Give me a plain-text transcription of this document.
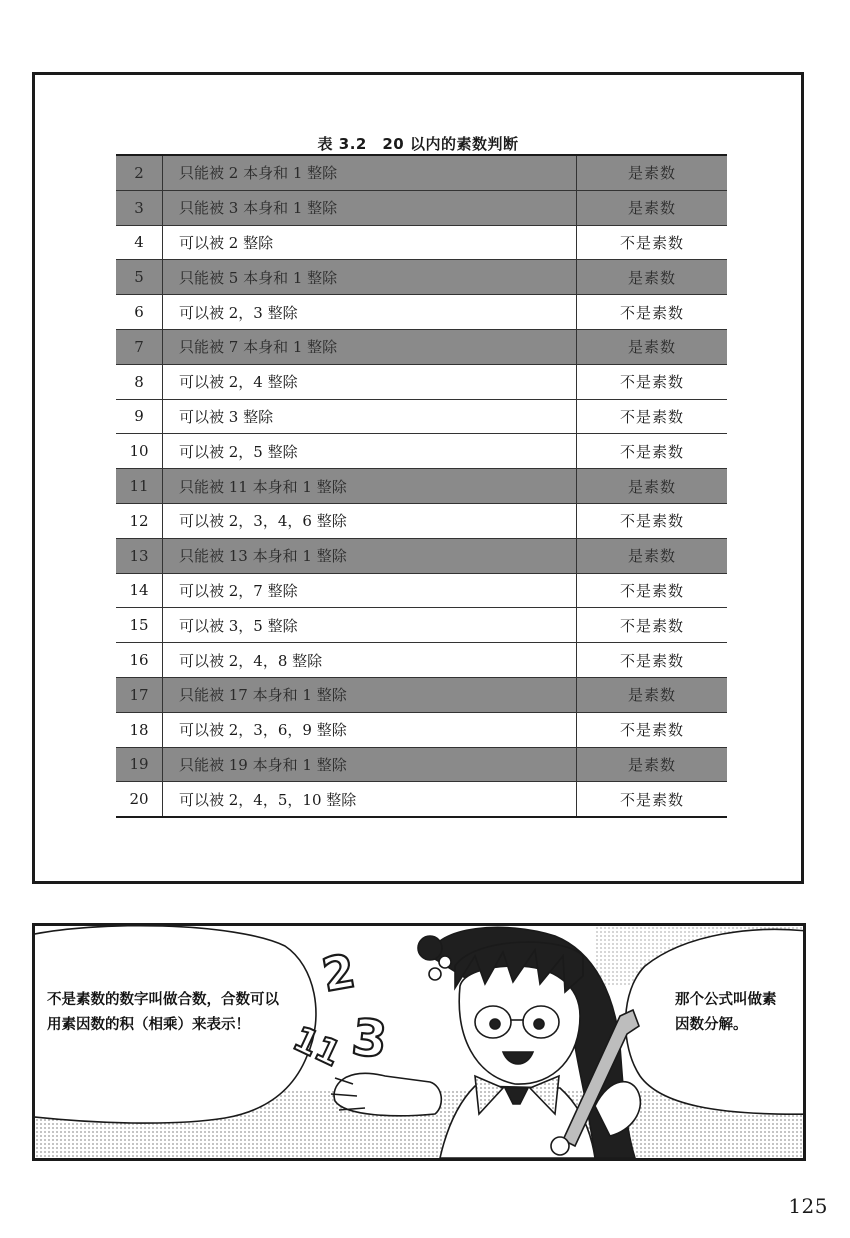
表 3.2　20 以内的素数判断
2	只能被 2 本身和 1 整除	是素数
3	只能被 3 本身和 1 整除	是素数
4	可以被 2 整除	不是素数
5	只能被 5 本身和 1 整除	是素数
6	可以被 2，3 整除	不是素数
7	只能被 7 本身和 1 整除	是素数
8	可以被 2，4 整除	不是素数
9	可以被 3 整除	不是素数
10	可以被 2，5 整除	不是素数
11	只能被 11 本身和 1 整除	是素数
12	可以被 2，3，4，6 整除	不是素数
13	只能被 13 本身和 1 整除	是素数
14	可以被 2，7 整除	不是素数
15	可以被 3，5 整除	不是素数
16	可以被 2，4，8 整除	不是素数
17	只能被 17 本身和 1 整除	是素数
18	可以被 2，3，6，9 整除	不是素数
19	只能被 19 本身和 1 整除	是素数
20	可以被 2，4，5，10 整除	不是素数
2
11 3
不是素数的数字叫做合数，合数可以用素因数的积（相乘）来表示！
那个公式叫做素因数分解。
125
